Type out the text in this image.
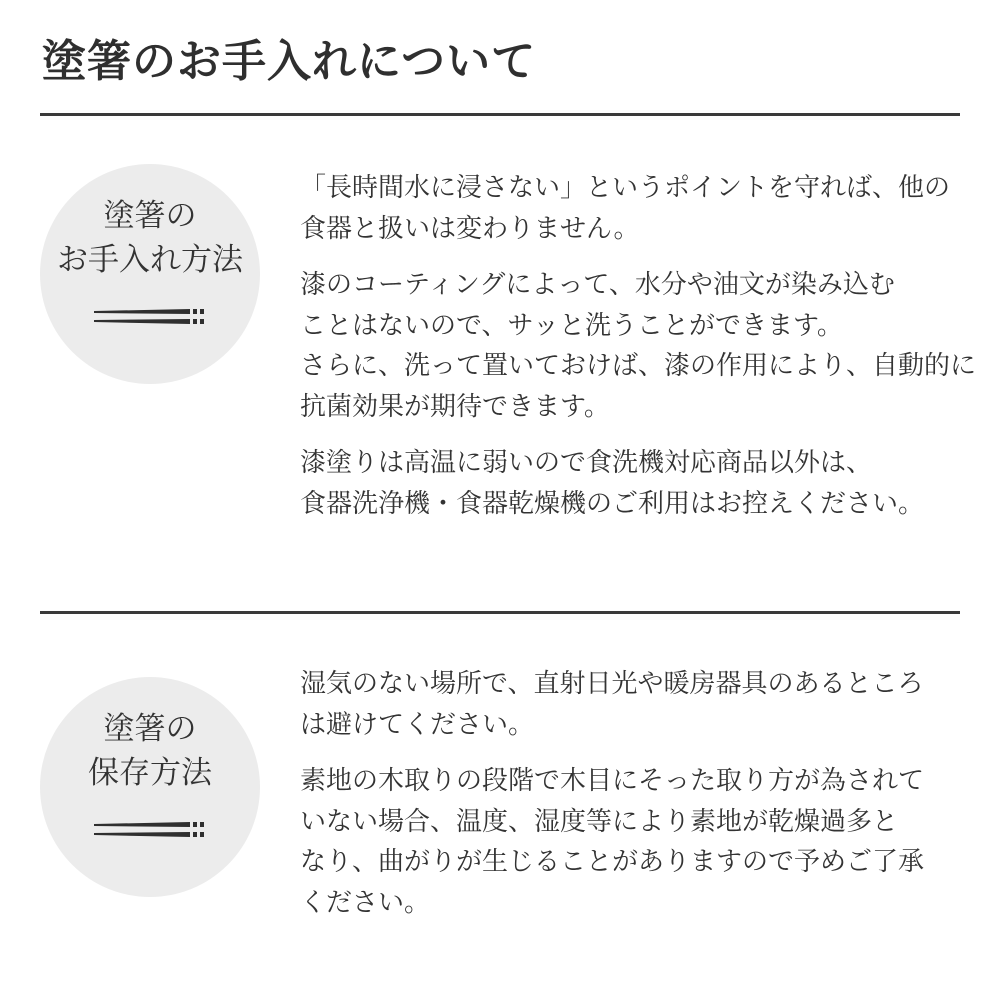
塗箸のお手入れについて
塗箸の
お手入れ方法

「長時間水に浸さない」というポイントを守れば、他の
食器と扱いは変わりません。

漆のコーティングによって、水分や油文が染み込む
ことはないので、サッと洗うことができます。
さらに、洗って置いておけば、漆の作用により、自動的に
抗菌効果が期待できます。

漆塗りは高温に弱いので食洗機対応商品以外は、
食器洗浄機・食器乾燥機のご利用はお控えください。

塗箸の
保存方法

湿気のない場所で、直射日光や暖房器具のあるところ
は避けてください。

素地の木取りの段階で木目にそった取り方が為されて
いない場合、温度、湿度等により素地が乾燥過多と
なり、曲がりが生じることがありますので予めご了承
ください。
